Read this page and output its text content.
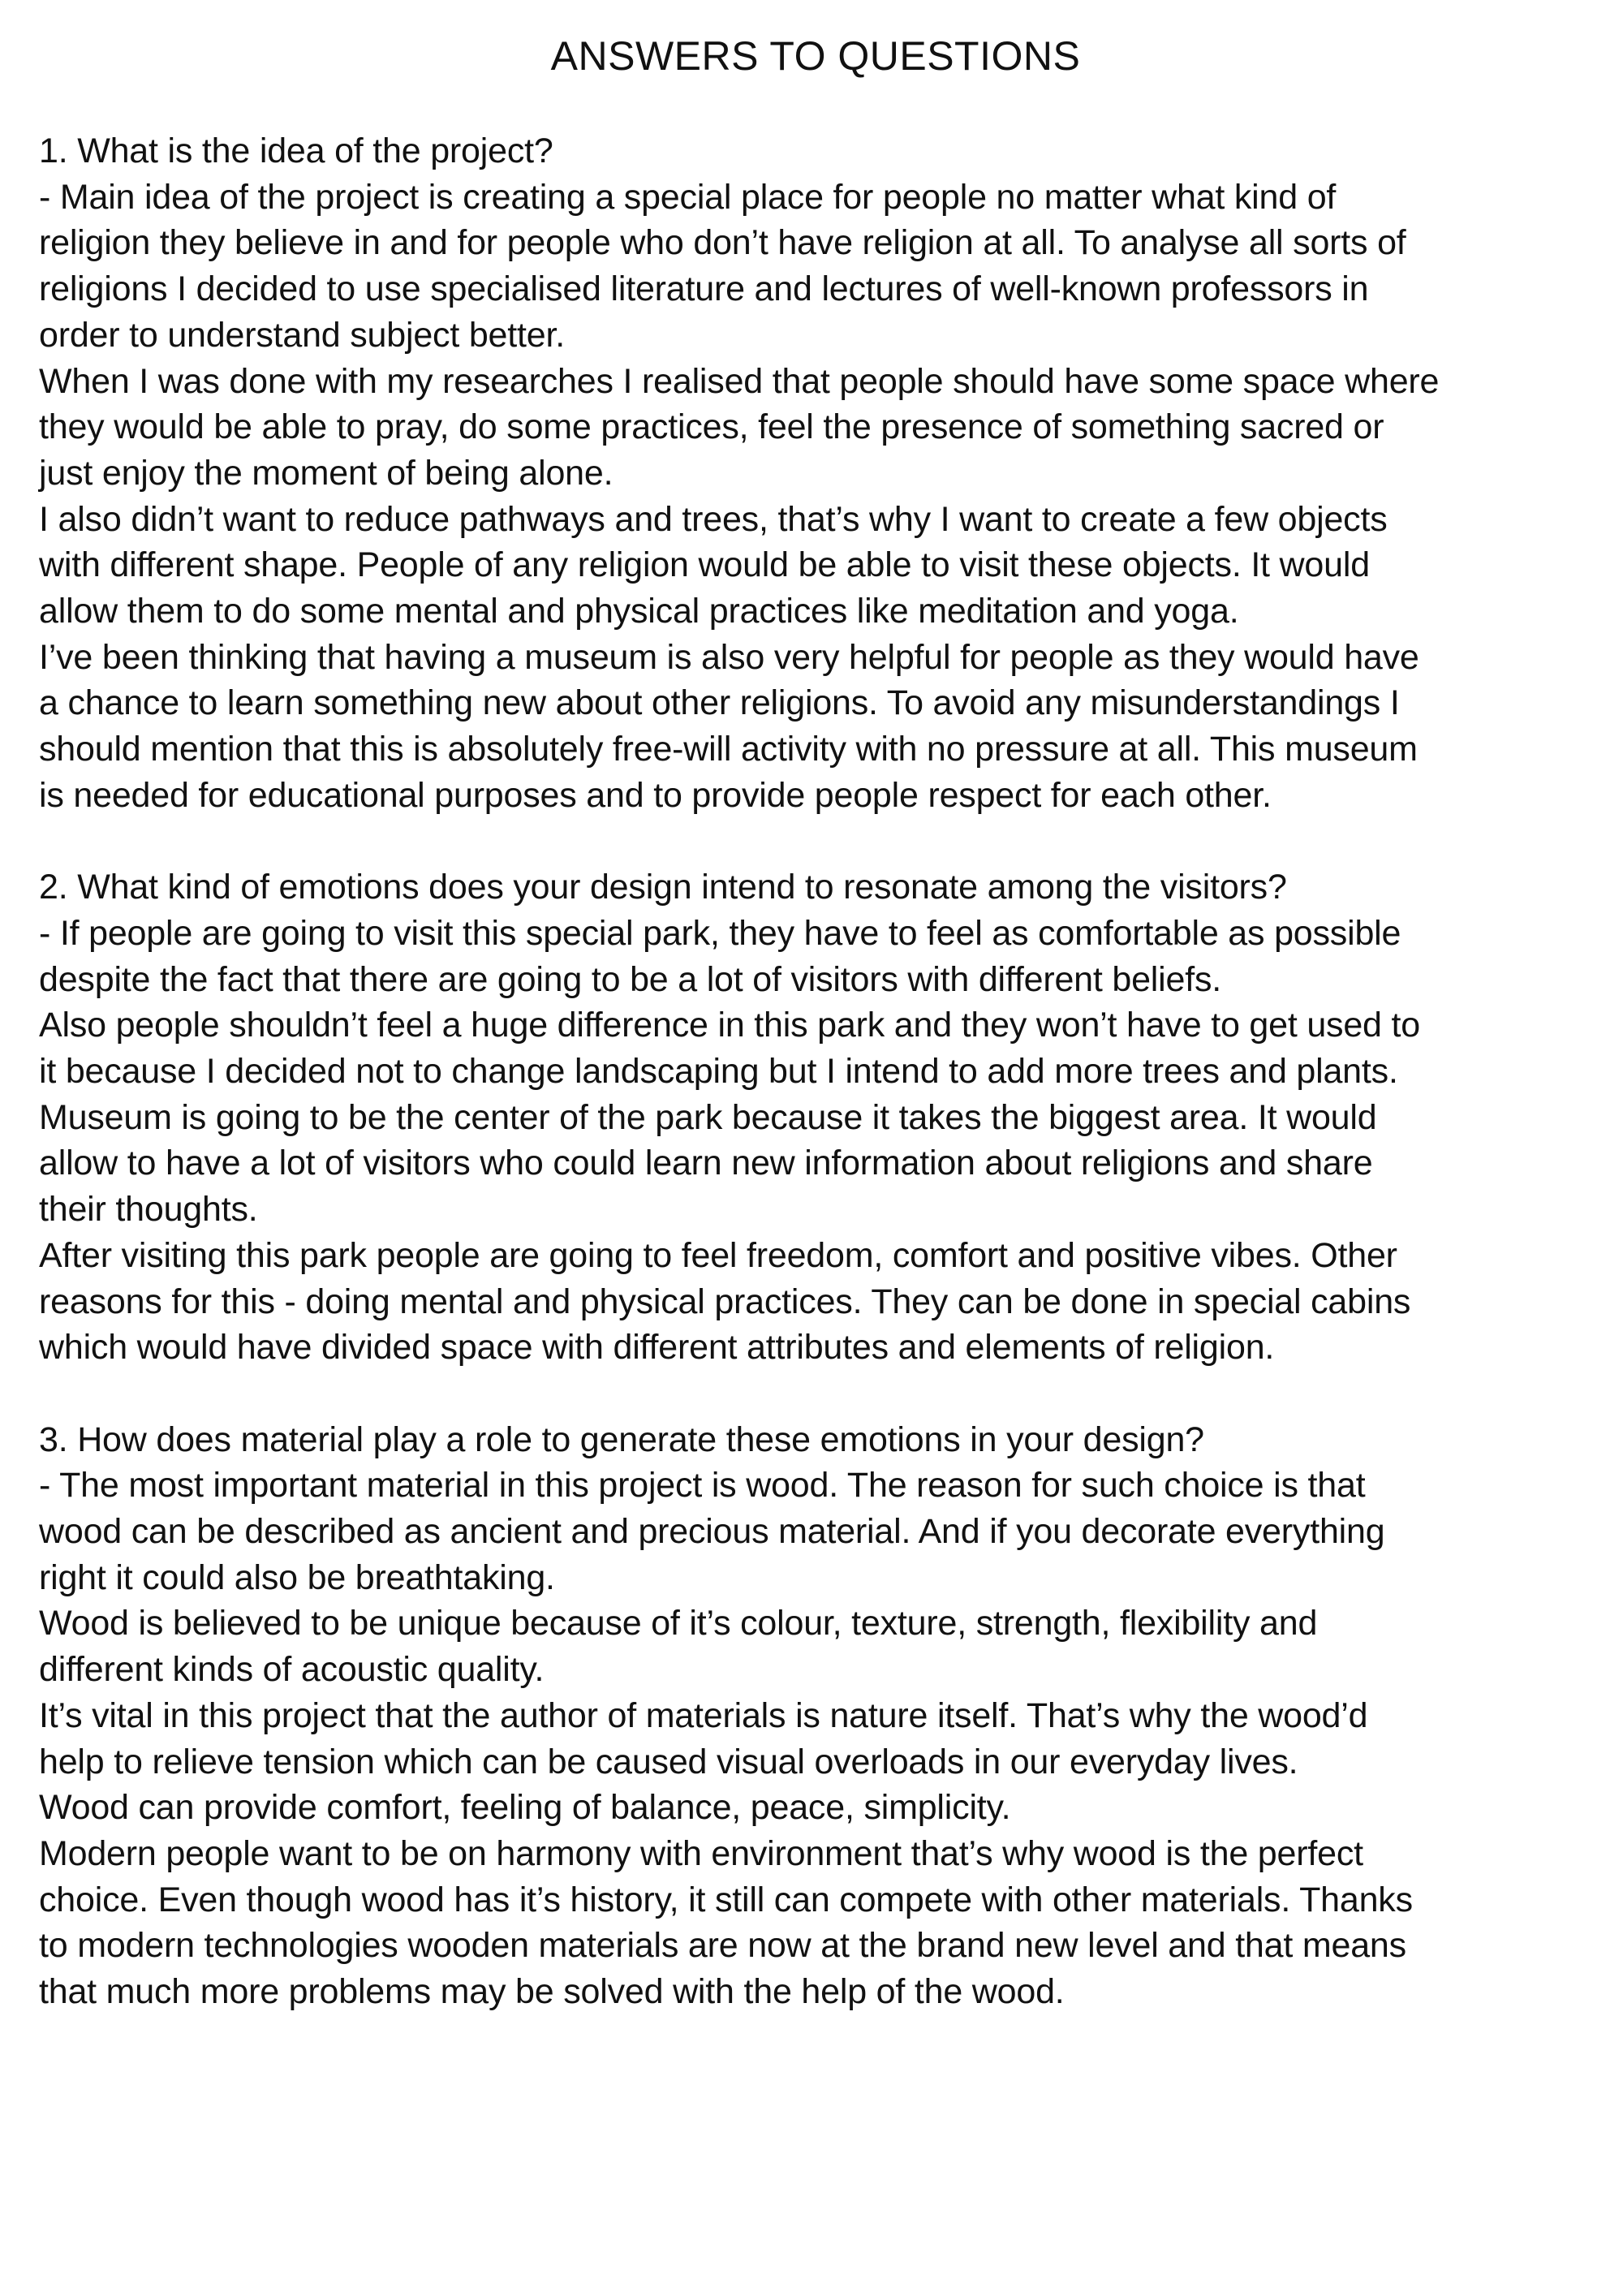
ANSWERS TO QUESTIONS
1. What is the idea of the project?
- Main idea of the project is creating a special place for people no matter what kind of
religion they believe in and for people who don’t have religion at all. To analyse all sorts of
religions I decided to use specialised literature and lectures of well-known professors in
order to understand subject better.
When I was done with my researches I realised that people should have some space where
they would be able to pray, do some practices, feel the presence of something sacred or
just enjoy the moment of being alone.
I also didn’t want to reduce pathways and trees, that’s why I want to create a few objects
with different shape. People of any religion would be able to visit these objects. It would
allow them to do some mental and physical practices like meditation and yoga.
I’ve been thinking that having a museum is also very helpful for people as they would have
a chance to learn something new about other religions. To avoid any misunderstandings I
should mention that this is absolutely free-will activity with no pressure at all. This museum
is needed for educational purposes and to provide people respect for each other.
2. What kind of emotions does your design intend to resonate among the visitors?
- If people are going to visit this special park, they have to feel as comfortable as possible
despite the fact that there are going to be a lot of visitors with different beliefs.
Also people shouldn’t feel a huge difference in this park and they won’t have to get used to
it because I decided not to change landscaping but I intend to add more trees and plants.
Museum is going to be the center of the park because it takes the biggest area. It would
allow to have a lot of visitors who could learn new information about religions and share
their thoughts.
After visiting this park people are going to feel freedom, comfort and positive vibes. Other
reasons for this - doing mental and physical practices. They can be done in special cabins
which would have divided space with different attributes and elements of religion.
3. How does material play a role to generate these emotions in your design?
- The most important material in this project is wood. The reason for such choice is that
wood can be described as ancient and precious material. And if you decorate everything
right it could also be breathtaking.
Wood is believed to be unique because of it’s colour, texture, strength, flexibility and
different kinds of acoustic quality.
It’s vital in this project that the author of materials is nature itself. That’s why the wood’d
help to relieve tension which can be caused visual overloads in our everyday lives.
Wood can provide comfort, feeling of balance, peace, simplicity.
Modern people want to be on harmony with environment that’s why wood is the perfect
choice. Even though wood has it’s history, it still can compete with other materials. Thanks
to modern technologies wooden materials are now at the brand new level and that means
that much more problems may be solved with the help of the wood.
